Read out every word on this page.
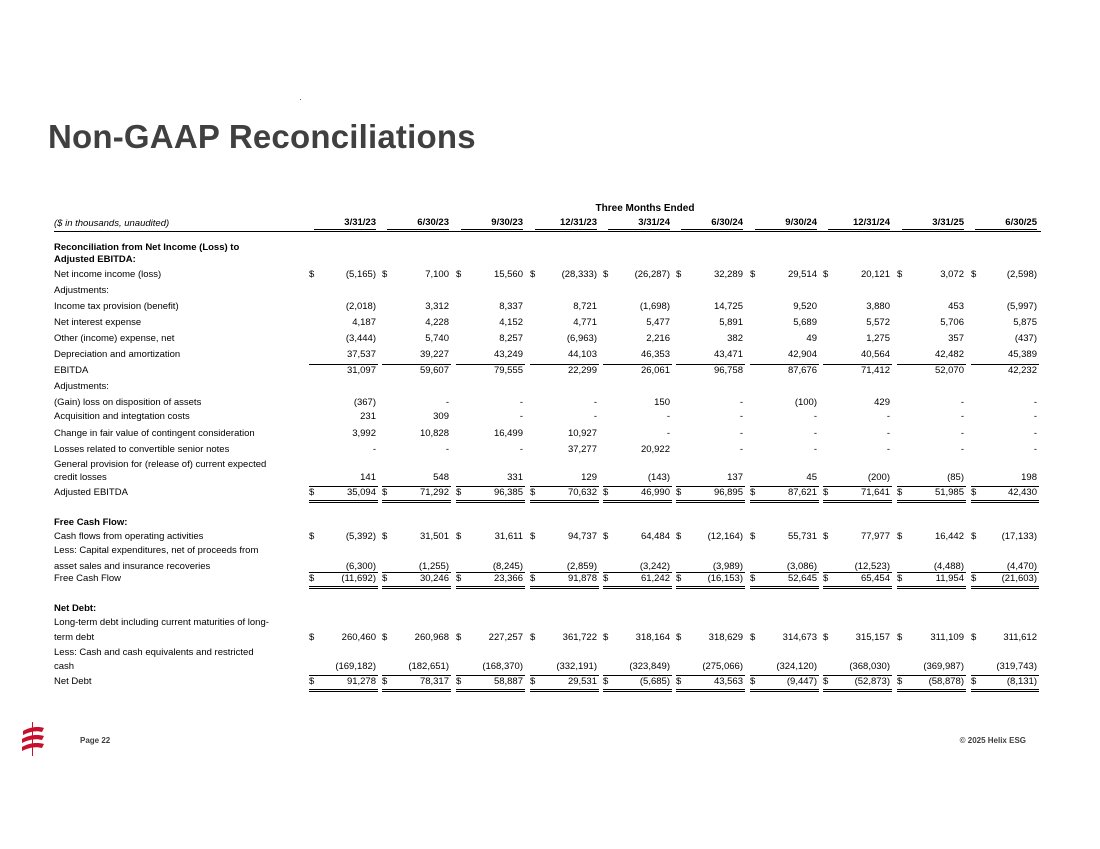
Non-GAAP Reconciliations
Three Months Ended
($ in thousands, unaudited)	3/31/23	6/30/23	9/30/23	12/31/23	3/31/24	6/30/24	9/30/24	12/31/24	3/31/25	6/30/25
Reconciliation from Net Income (Loss) to
Adjusted EBITDA:
Net income income (loss)	$	(5,165) $	7,100 $	15,560 $	(28,333) $	(26,287) $	32,289 $	29,514 $	20,121 $	3,072 $	(2,598)
Adjustments:
Income tax provision (benefit)	(2,018)	3,312	8,337	8,721	(1,698)	14,725	9,520	3,880	453	(5,997)
Net interest expense	4,187	4,228	4,152	4,771	5,477	5,891	5,689	5,572	5,706	5,875
Other (income) expense, net	(3,444)	5,740	8,257	(6,963)	2,216	382	49	1,275	357	(437)
Depreciation and amortization	37,537	39,227	43,249	44,103	46,353	43,471	42,904	40,564	42,482	45,389
EBITDA	31,097	59,607	79,555	22,299	26,061	96,758	87,676	71,412	52,070	42,232
Adjustments:
(Gain) loss on disposition of assets	(367)	-	-	-	150	-	(100)	429	-	-
Acquisition and integtation costs	231	309	-	-	-	-	-	-	-	-
Change in fair value of contingent consideration	3,992	10,828	16,499	10,927	-	-	-	-	-	-
Losses related to convertible senior notes	-	-	-	37,277	20,922	-	-	-	-	-
General provision for (release of) current expected
credit losses	141	548	331	129	(143)	137	45	(200)	(85)	198
Adjusted EBITDA	$	35,094 $	71,292 $	96,385 $	70,632 $	46,990 $	96,895 $	87,621 $	71,641 $	51,985 $	42,430
Free Cash Flow:
Cash flows from operating activities	$	(5,392) $	31,501 $	31,611 $	94,737 $	64,484 $	(12,164) $	55,731 $	77,977 $	16,442 $	(17,133)
Less: Capital expenditures, net of proceeds from
asset sales and insurance recoveries	(6,300)	(1,255)	(8,245)	(2,859)	(3,242)	(3,989)	(3,086)	(12,523)	(4,488)	(4,470)
Free Cash Flow	$	(11,692) $	30,246 $	23,366 $	91,878 $	61,242 $	(16,153) $	52,645 $	65,454 $	11,954 $	(21,603)
Net Debt:
Long-term debt including current maturities of long-
term debt	$	260,460 $	260,968 $	227,257 $	361,722 $	318,164 $	318,629 $	314,673 $	315,157 $	311,109 $	311,612
Less: Cash and cash equivalents and restricted
cash	(169,182)	(182,651)	(168,370)	(332,191)	(323,849)	(275,066)	(324,120)	(368,030)	(369,987)	(319,743)
Net Debt	$	91,278 $	78,317 $	58,887 $	29,531 $	(5,685) $	43,563 $	(9,447) $	(52,873) $	(58,878) $	(8,131)
Page 22	© 2025 Helix ESG
